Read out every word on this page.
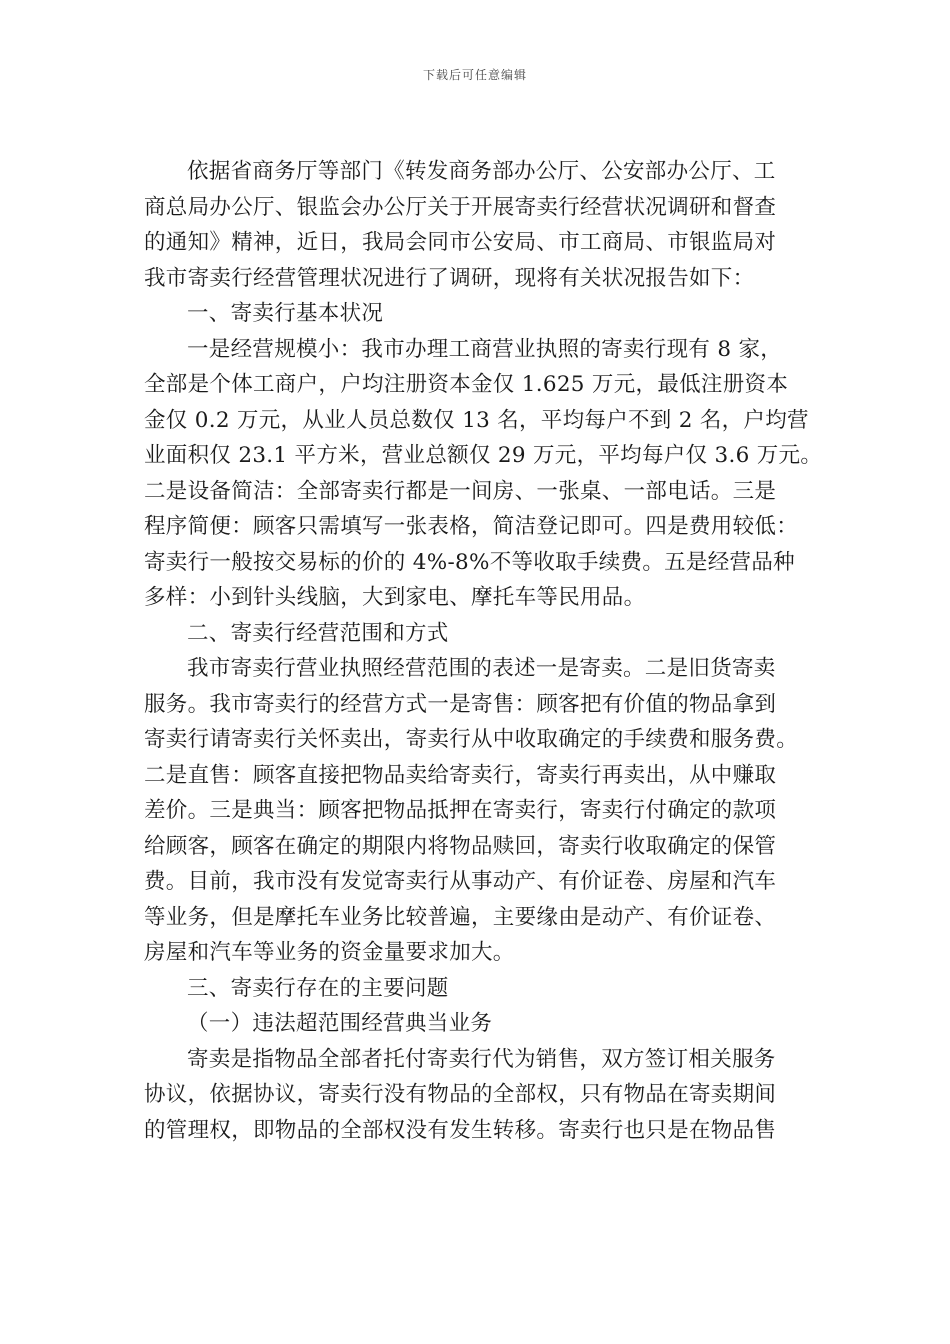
下载后可任意编辑
依据省商务厅等部门《转发商务部办公厅、公安部办公厅、工
商总局办公厅、银监会办公厅关于开展寄卖行经营状况调研和督查
的通知》精神，近日，我局会同市公安局、市工商局、市银监局对
我市寄卖行经营管理状况进行了调研，现将有关状况报告如下：
一、寄卖行基本状况
一是经营规模小：我市办理工商营业执照的寄卖行现有 8 家，
全部是个体工商户，户均注册资本金仅 1.625 万元，最低注册资本
金仅 0.2 万元，从业人员总数仅 13 名，平均每户不到 2 名，户均营
业面积仅 23.1 平方米，营业总额仅 29 万元，平均每户仅 3.6 万元。
二是设备简洁：全部寄卖行都是一间房、一张桌、一部电话。三是
程序简便：顾客只需填写一张表格，简洁登记即可。四是费用较低：
寄卖行一般按交易标的价的 4%-8%不等收取手续费。五是经营品种
多样：小到针头线脑，大到家电、摩托车等民用品。
二、寄卖行经营范围和方式
我市寄卖行营业执照经营范围的表述一是寄卖。二是旧货寄卖
服务。我市寄卖行的经营方式一是寄售：顾客把有价值的物品拿到
寄卖行请寄卖行关怀卖出，寄卖行从中收取确定的手续费和服务费。
二是直售：顾客直接把物品卖给寄卖行，寄卖行再卖出，从中赚取
差价。三是典当：顾客把物品抵押在寄卖行，寄卖行付确定的款项
给顾客，顾客在确定的期限内将物品赎回，寄卖行收取确定的保管
费。目前，我市没有发觉寄卖行从事动产、有价证卷、房屋和汽车
等业务，但是摩托车业务比较普遍，主要缘由是动产、有价证卷、
房屋和汽车等业务的资金量要求加大。
三、寄卖行存在的主要问题
（一）违法超范围经营典当业务
寄卖是指物品全部者托付寄卖行代为销售，双方签订相关服务
协议，依据协议，寄卖行没有物品的全部权，只有物品在寄卖期间
的管理权，即物品的全部权没有发生转移。寄卖行也只是在物品售
